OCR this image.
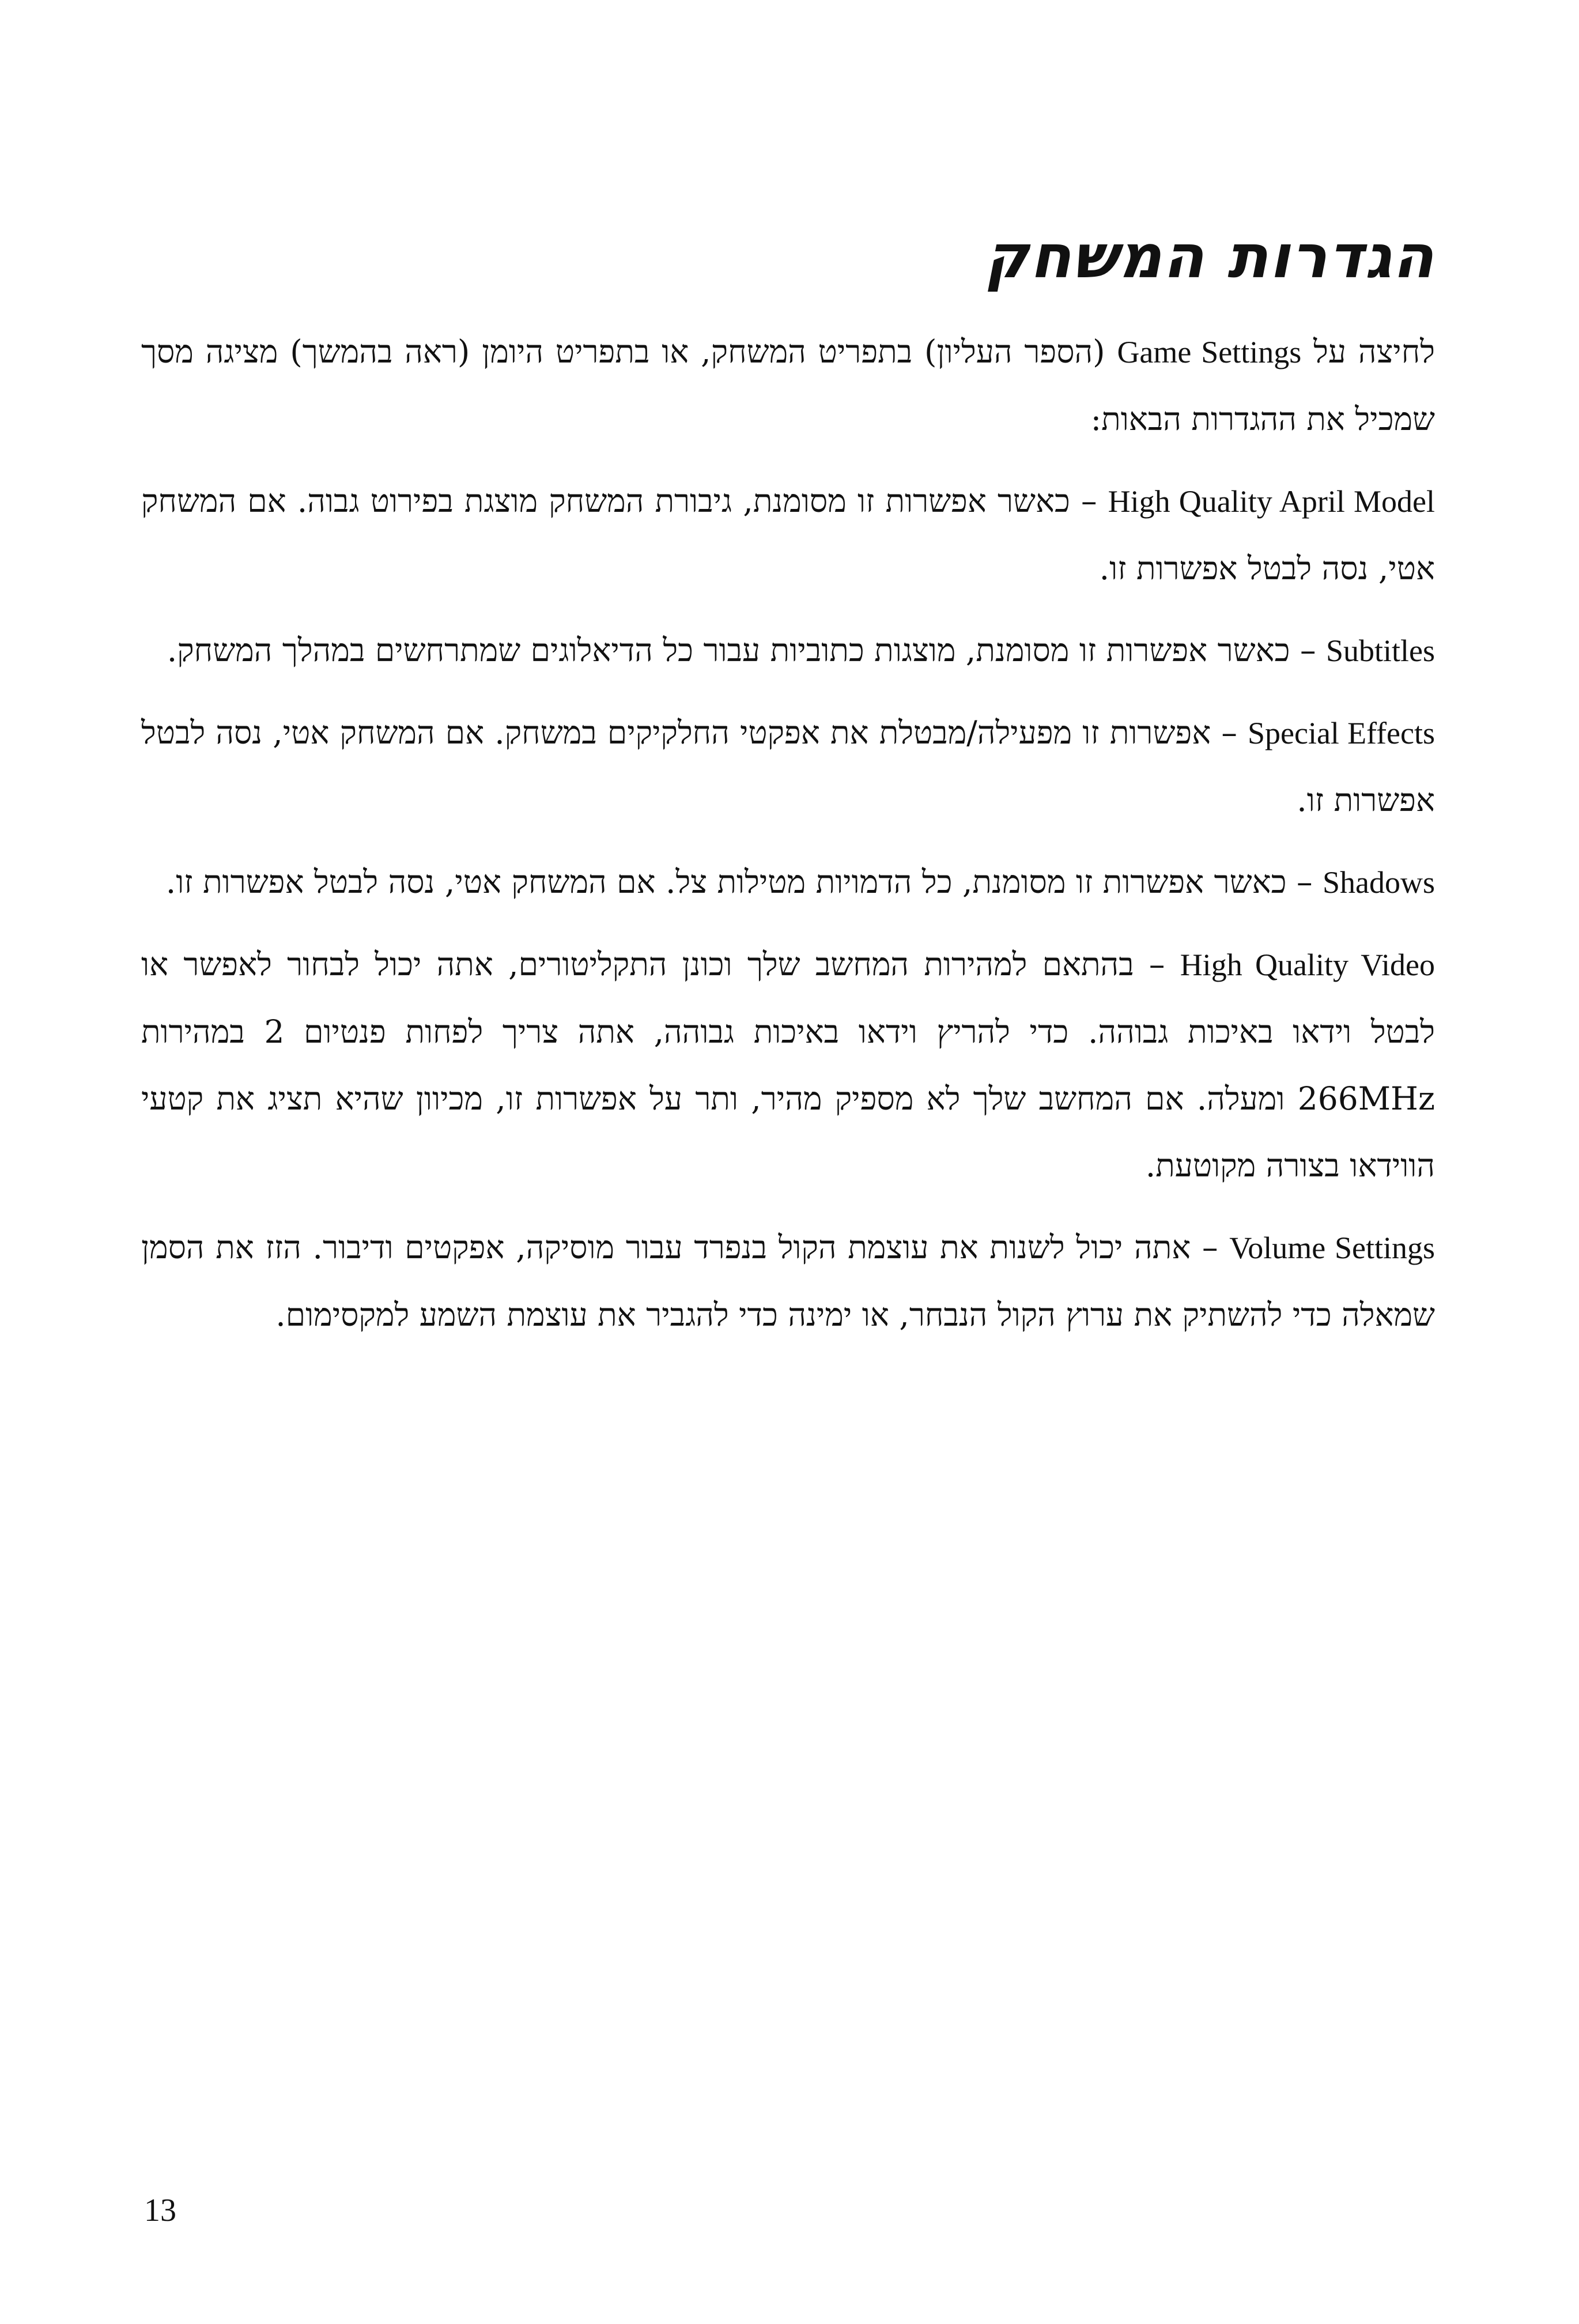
הגדרות המשחק

לחיצה על Game Settings (הספר העליון) בתפריט המשחק, או בתפריט היומן (ראה בהמשך) מציגה מסך שמכיל את ההגדרות הבאות:

High Quality April Model – כאשר אפשרות זו מסומנת, גיבורת המשחק מוצגת בפירוט גבוה. אם המשחק אטי, נסה לבטל אפשרות זו.

Subtitles – כאשר אפשרות זו מסומנת, מוצגות כתוביות עבור כל הדיאלוגים שמתרחשים במהלך המשחק.

Special Effects – אפשרות זו מפעילה/מבטלת את אפקטי החלקיקים במשחק. אם המשחק אטי, נסה לבטל אפשרות זו.

Shadows – כאשר אפשרות זו מסומנת, כל הדמויות מטילות צל. אם המשחק אטי, נסה לבטל אפשרות זו.

High Quality Video – בהתאם למהירות המחשב שלך וכונן התקליטורים, אתה יכול לבחור לאפשר או לבטל וידאו באיכות גבוהה. כדי להריץ וידאו באיכות גבוהה, אתה צריך לפחות פנטיום 2 במהירות 266MHz ומעלה. אם המחשב שלך לא מספיק מהיר, ותר על אפשרות זו, מכיוון שהיא תציג את קטעי הווידאו בצורה מקוטעת.

Volume Settings – אתה יכול לשנות את עוצמת הקול בנפרד עבור מוסיקה, אפקטים ודיבור. הזז את הסמן שמאלה כדי להשתיק את ערוץ הקול הנבחר, או ימינה כדי להגביר את עוצמת השמע למקסימום.

13
